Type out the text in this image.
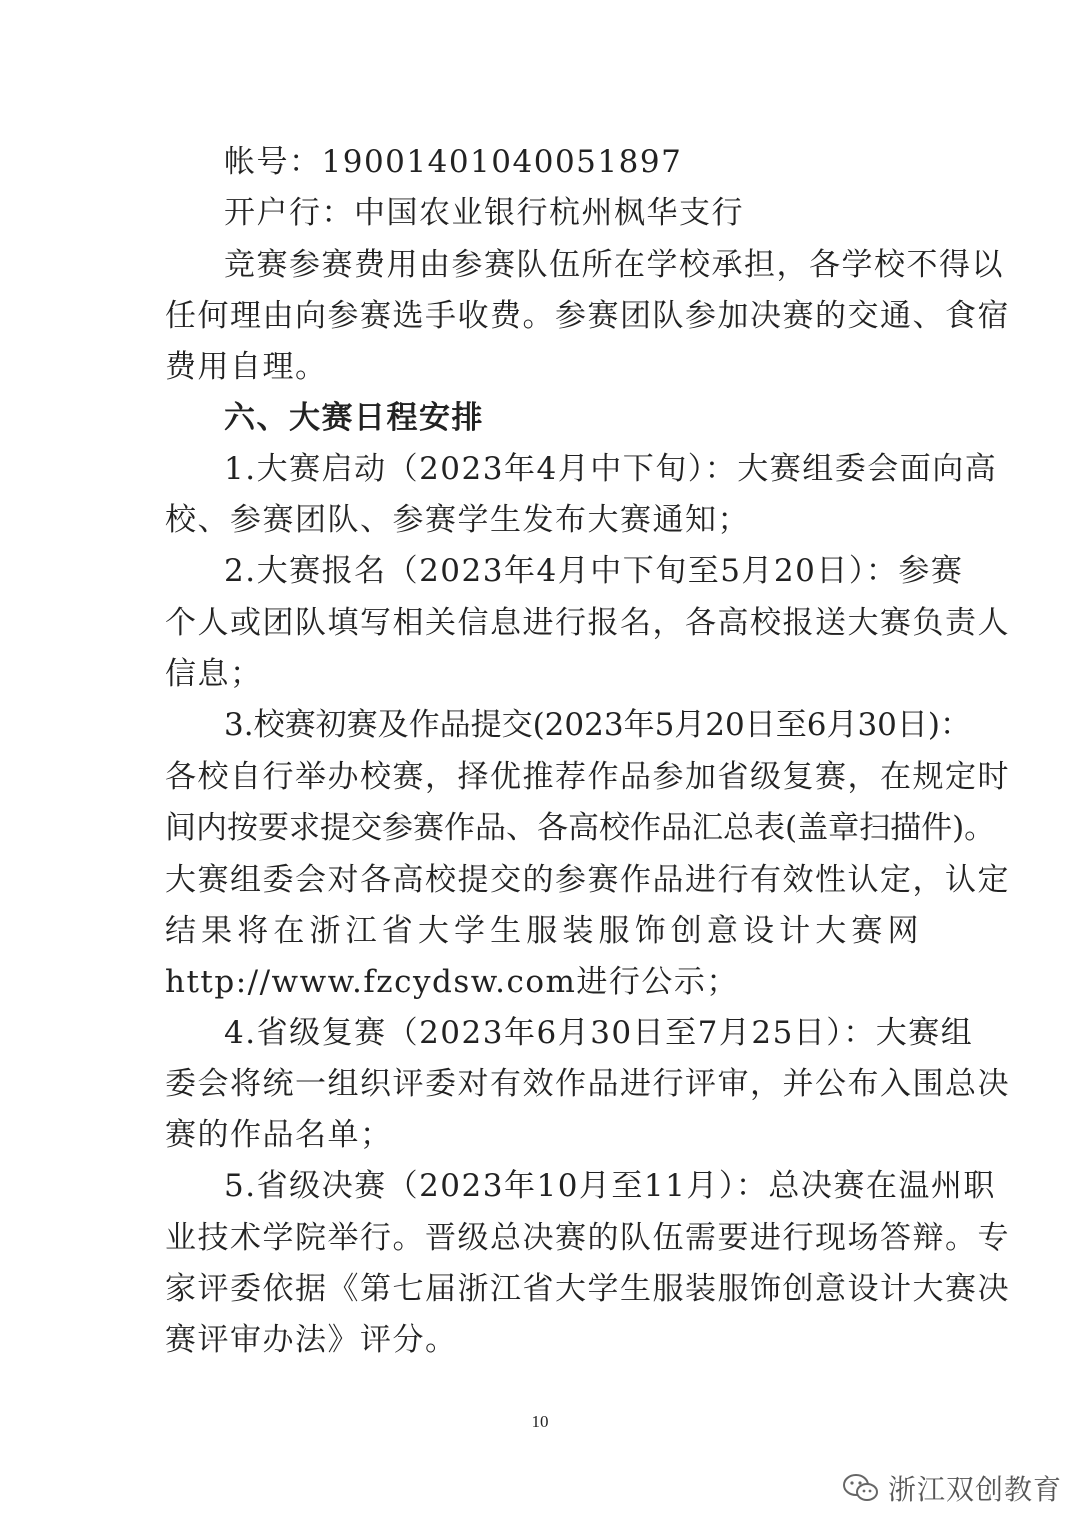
帐号：19001401040051897

开户行：中国农业银行杭州枫华支行

竞赛参赛费用由参赛队伍所在学校承担，各学校不得以

任何理由向参赛选手收费。参赛团队参加决赛的交通、食宿

费用自理。

六、大赛日程安排

1.大赛启动（2023年4月中下旬）：大赛组委会面向高

校、参赛团队、参赛学生发布大赛通知；

2.大赛报名（2023年4月中下旬至5月20日）：参赛

个人或团队填写相关信息进行报名，各高校报送大赛负责人

信息；

3.校赛初赛及作品提交(2023年5月20日至6月30日)：

各校自行举办校赛，择优推荐作品参加省级复赛，在规定时

间内按要求提交参赛作品、各高校作品汇总表(盖章扫描件)。

大赛组委会对各高校提交的参赛作品进行有效性认定，认定

结果将在浙江省大学生服装服饰创意设计大赛网

http://www.fzcydsw.com进行公示；

4.省级复赛（2023年6月30日至7月25日）：大赛组

委会将统一组织评委对有效作品进行评审，并公布入围总决

赛的作品名单；

5.省级决赛（2023年10月至11月）：总决赛在温州职

业技术学院举行。晋级总决赛的队伍需要进行现场答辩。专

家评委依据《第七届浙江省大学生服装服饰创意设计大赛决

赛评审办法》评分。

10
浙江双创教育
